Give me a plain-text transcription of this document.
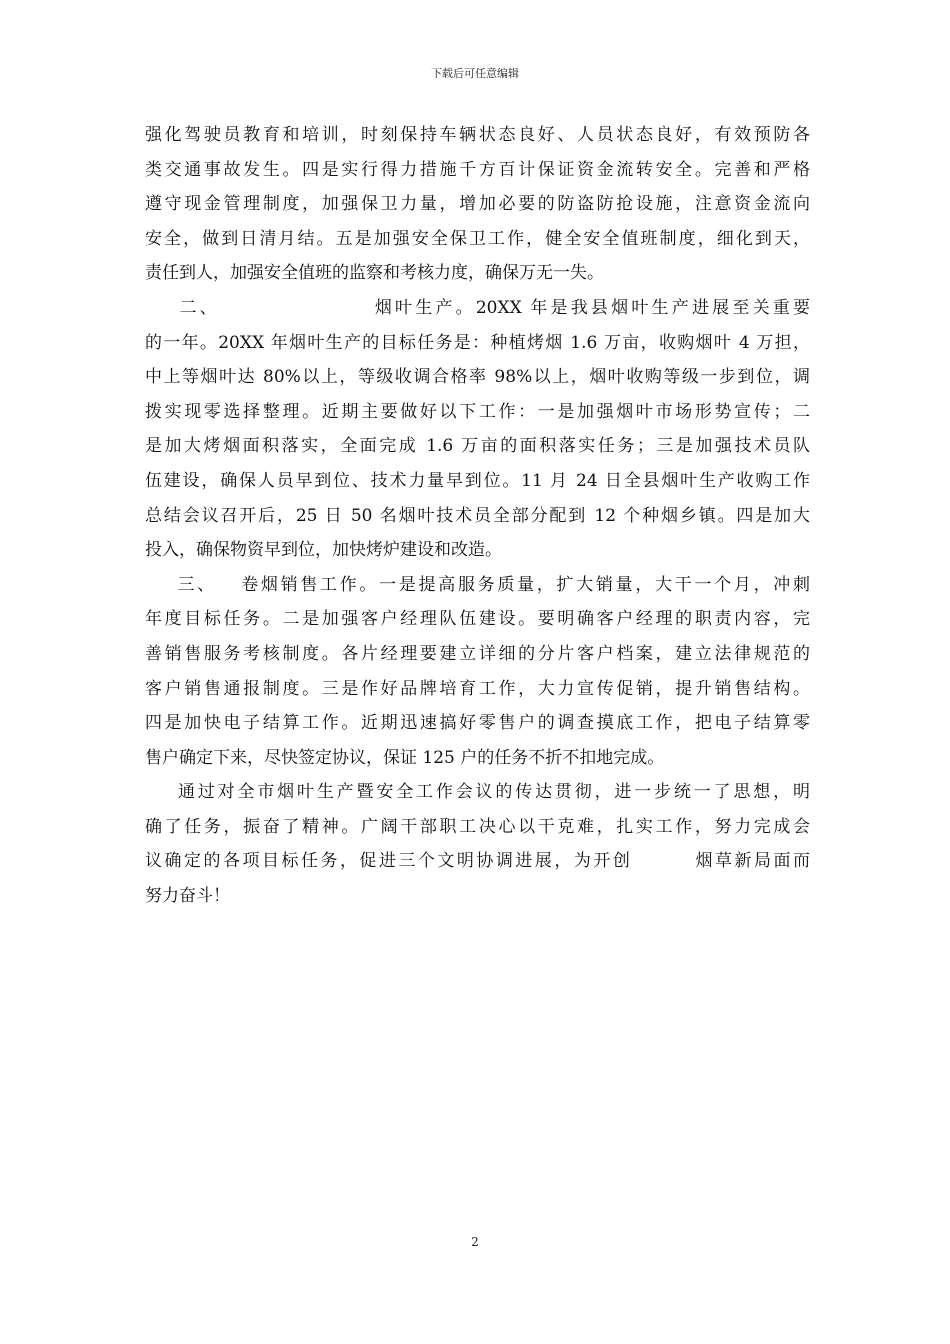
下载后可任意编辑
强化驾驶员教育和培训，时刻保持车辆状态良好、人员状态良好，有效预防各
类交通事故发生。四是实行得力措施千方百计保证资金流转安全。完善和严格
遵守现金管理制度，加强保卫力量，增加必要的防盗防抢设施，注意资金流向
安全，做到日清月结。五是加强安全保卫工作，健全安全值班制度，细化到天，
责任到人，加强安全值班的监察和考核力度，确保万无一失。
二、                  烟叶生产。20XX 年是我县烟叶生产进展至关重要
的一年。20XX 年烟叶生产的目标任务是：种植烤烟 1.6 万亩，收购烟叶 4 万担，
中上等烟叶达 80%以上，等级收调合格率 98%以上，烟叶收购等级一步到位，调
拨实现零选择整理。近期主要做好以下工作：一是加强烟叶市场形势宣传；二
是加大烤烟面积落实，全面完成 1.6 万亩的面积落实任务；三是加强技术员队
伍建设，确保人员早到位、技术力量早到位。11 月 24 日全县烟叶生产收购工作
总结会议召开后，25 日 50 名烟叶技术员全部分配到 12 个种烟乡镇。四是加大
投入，确保物资早到位，加快烤炉建设和改造。
三、   卷烟销售工作。一是提高服务质量，扩大销量，大干一个月，冲刺
年度目标任务。二是加强客户经理队伍建设。要明确客户经理的职责内容，完
善销售服务考核制度。各片经理要建立详细的分片客户档案，建立法律规范的
客户销售通报制度。三是作好品牌培育工作，大力宣传促销，提升销售结构。
四是加快电子结算工作。近期迅速搞好零售户的调查摸底工作，把电子结算零
售户确定下来，尽快签定协议，保证 125 户的任务不折不扣地完成。
通过对全市烟叶生产暨安全工作会议的传达贯彻，进一步统一了思想，明
确了任务，振奋了精神。广阔干部职工决心以干克难，扎实工作，努力完成会
议确定的各项目标任务，促进三个文明协调进展，为开创        烟草新局面而
努力奋斗！
2
